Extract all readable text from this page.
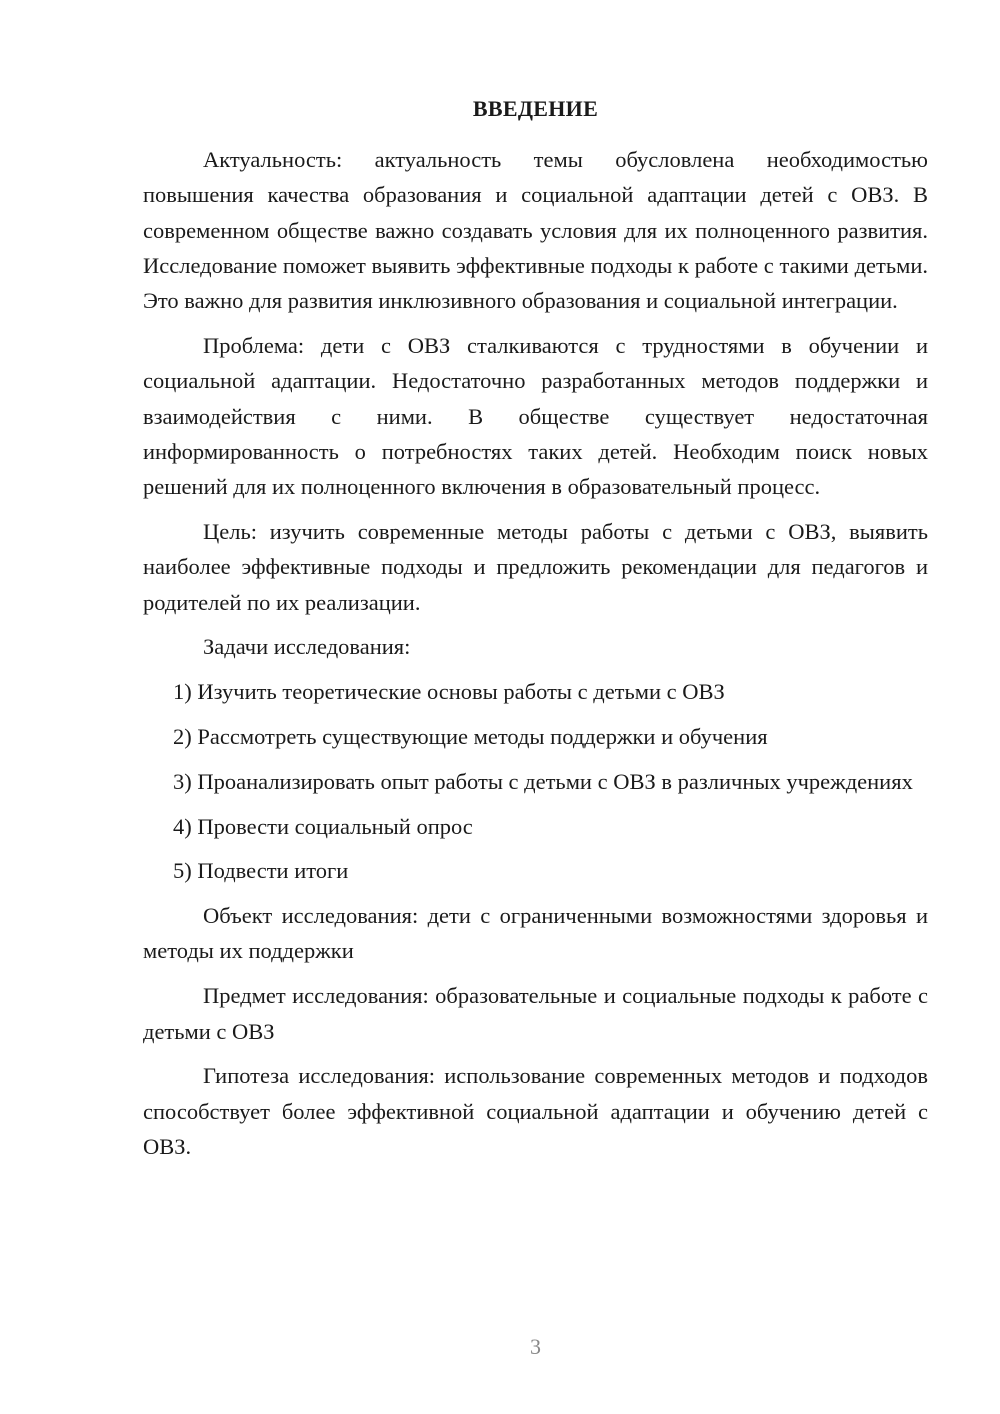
ВВЕДЕНИЕ

Актуальность: актуальность темы обусловлена необходимостью повышения качества образования и социальной адаптации детей с ОВЗ. В современном обществе важно создавать условия для их полноценного развития. Исследование поможет выявить эффективные подходы к работе с такими детьми. Это важно для развития инклюзивного образования и социальной интеграции.

Проблема: дети с ОВЗ сталкиваются с трудностями в обучении и социальной адаптации. Недостаточно разработанных методов поддержки и взаимодействия с ними. В обществе существует недостаточная информированность о потребностях таких детей. Необходим поиск новых решений для их полноценного включения в образовательный процесс.

Цель: изучить современные методы работы с детьми с ОВЗ, выявить наиболее эффективные подходы и предложить рекомендации для педагогов и родителей по их реализации.

Задачи исследования:

1) Изучить теоретические основы работы с детьми с ОВЗ

2) Рассмотреть существующие методы поддержки и обучения

3) Проанализировать опыт работы с детьми с ОВЗ в различных учреждениях

4) Провести социальный опрос

5) Подвести итоги

Объект исследования: дети с ограниченными возможностями здоровья и методы их поддержки

Предмет исследования: образовательные и социальные подходы к работе с детьми с ОВЗ

Гипотеза исследования: использование современных методов и подходов способствует более эффективной социальной адаптации и обучению детей с ОВЗ.

3
